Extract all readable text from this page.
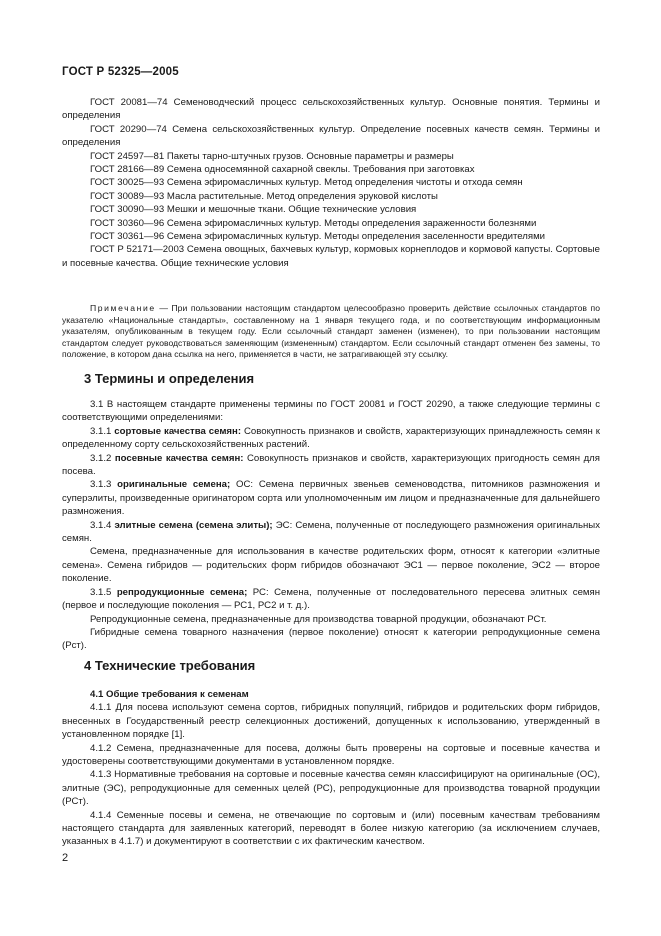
ГОСТ Р 52325—2005

ГОСТ 20081—74 Семеноводческий процесс сельскохозяйственных культур. Основные понятия. Термины и определения

ГОСТ 20290—74 Семена сельскохозяйственных культур. Определение посевных качеств семян. Термины и определения

ГОСТ 24597—81 Пакеты тарно-штучных грузов. Основные параметры и размеры

ГОСТ 28166—89 Семена односемянной сахарной свеклы. Требования при заготовках

ГОСТ 30025—93 Семена эфиромасличных культур. Метод определения чистоты и отхода семян

ГОСТ 30089—93 Масла растительные. Метод определения эруковой кислоты

ГОСТ 30090—93 Мешки и мешочные ткани. Общие технические условия

ГОСТ 30360—96 Семена эфиромасличных культур. Методы определения зараженности болезнями

ГОСТ 30361—96 Семена эфиромасличных культур. Методы определения заселенности вредителями

ГОСТ Р 52171—2003 Семена овощных, бахчевых культур, кормовых корнеплодов и кормовой капусты. Сортовые и посевные качества. Общие технические условия

Примечание — При пользовании настоящим стандартом целесообразно проверить действие ссылочных стандартов по указателю «Национальные стандарты», составленному на 1 января текущего года, и по соответствующим информационным указателям, опубликованным в текущем году. Если ссылочный стандарт заменен (изменен), то при пользовании настоящим стандартом следует руководствоваться заменяющим (измененным) стандартом. Если ссылочный стандарт отменен без замены, то положение, в котором дана ссылка на него, применяется в части, не затрагивающей эту ссылку.

3 Термины и определения

3.1 В настоящем стандарте применены термины по ГОСТ 20081 и ГОСТ 20290, а также следующие термины с соответствующими определениями:

3.1.1 сортовые качества семян: Совокупность признаков и свойств, характеризующих принадлежность семян к определенному сорту сельскохозяйственных растений.

3.1.2 посевные качества семян: Совокупность признаков и свойств, характеризующих пригодность семян для посева.

3.1.3 оригинальные семена; ОС: Семена первичных звеньев семеноводства, питомников размножения и суперэлиты, произведенные оригинатором сорта или уполномоченным им лицом и предназначенные для дальнейшего размножения.

3.1.4 элитные семена (семена элиты); ЭС: Семена, полученные от последующего размножения оригинальных семян.

Семена, предназначенные для использования в качестве родительских форм, относят к категории «элитные семена». Семена гибридов — родительских форм гибридов обозначают ЭС1 — первое поколение, ЭС2 — второе поколение.

3.1.5 репродукционные семена; РС: Семена, полученные от последовательного пересева элитных семян (первое и последующие поколения — РС1, РС2 и т. д.).

Репродукционные семена, предназначенные для производства товарной продукции, обозначают РСт.

Гибридные семена товарного назначения (первое поколение) относят к категории репродукционные семена (Рст).

4 Технические требования

4.1 Общие требования к семенам

4.1.1 Для посева используют семена сортов, гибридных популяций, гибридов и родительских форм гибридов, внесенных в Государственный реестр селекционных достижений, допущенных к использованию, утвержденный в установленном порядке [1].

4.1.2 Семена, предназначенные для посева, должны быть проверены на сортовые и посевные качества и удостоверены соответствующими документами в установленном порядке.

4.1.3 Нормативные требования на сортовые и посевные качества семян классифицируют на оригинальные (ОС), элитные (ЭС), репродукционные для семенных целей (РС), репродукционные для производства товарной продукции (РСт).

4.1.4 Семенные посевы и семена, не отвечающие по сортовым и (или) посевным качествам требованиям настоящего стандарта для заявленных категорий, переводят в более низкую категорию (за исключением случаев, указанных в 4.1.7) и документируют в соответствии с их фактическим качеством.

2
